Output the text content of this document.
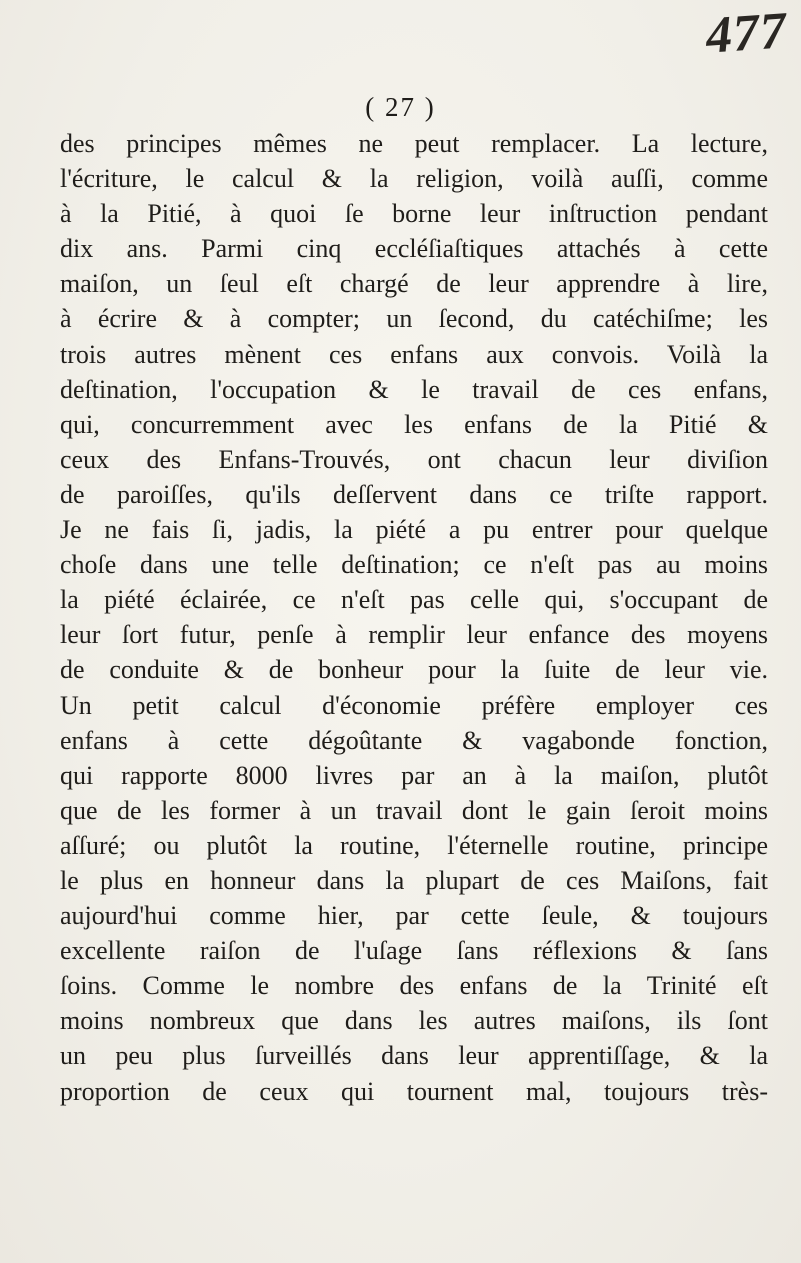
477
( 27 )
des principes mêmes ne peut remplacer. La lecture,
l'écriture, le calcul & la religion, voilà auſſi, comme
à la Pitié, à quoi ſe borne leur inſtruction pendant
dix ans. Parmi cinq eccléſiaſtiques attachés à cette
maiſon, un ſeul eſt chargé de leur apprendre à lire,
à écrire & à compter; un ſecond, du catéchiſme; les
trois autres mènent ces enfans aux convois. Voilà la
deſtination, l'occupation & le travail de ces enfans,
qui, concurremment avec les enfans de la Pitié &
ceux des Enfans-Trouvés, ont chacun leur diviſion
de paroiſſes, qu'ils deſſervent dans ce triſte rapport.
Je ne fais ſi, jadis, la piété a pu entrer pour quelque
choſe dans une telle deſtination; ce n'eſt pas au moins
la piété éclairée, ce n'eſt pas celle qui, s'occupant de
leur ſort futur, penſe à remplir leur enfance des moyens
de conduite & de bonheur pour la ſuite de leur vie.
Un petit calcul d'économie préfère employer ces
enfans à cette dégoûtante & vagabonde fonction,
qui rapporte 8000 livres par an à la maiſon, plutôt
que de les former à un travail dont le gain ſeroit moins
aſſuré; ou plutôt la routine, l'éternelle routine, principe
le plus en honneur dans la plupart de ces Maiſons, fait
aujourd'hui comme hier, par cette ſeule, & toujours
excellente raiſon de l'uſage ſans réflexions & ſans
ſoins. Comme le nombre des enfans de la Trinité eſt
moins nombreux que dans les autres maiſons, ils ſont
un peu plus ſurveillés dans leur apprentiſſage, & la
proportion de ceux qui tournent mal, toujours très-
